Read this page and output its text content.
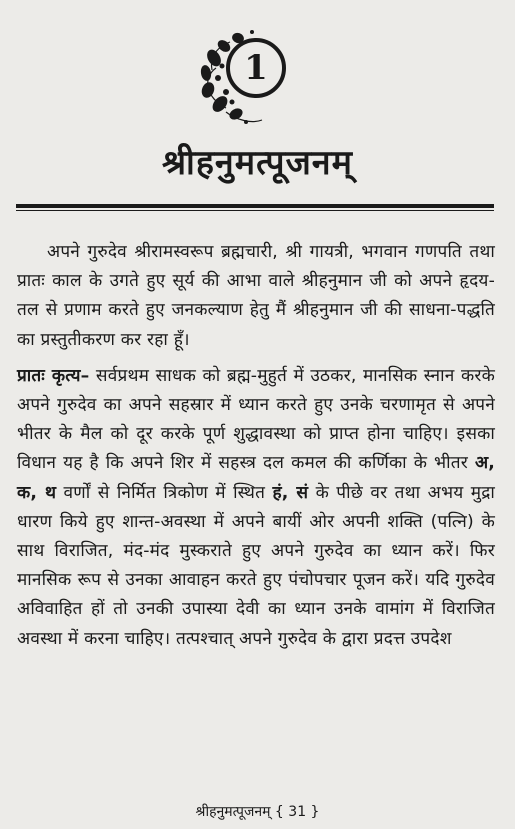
1
श्रीहनुमत्पूजनम्

अपने गुरुदेव श्रीरामस्वरूप ब्रह्मचारी, श्री गायत्री, भगवान गणपति तथा प्रातः काल के उगते हुए सूर्य की आभा वाले श्रीहनुमान जी को अपने हृदय-तल से प्रणाम करते हुए जनकल्याण हेतु मैं श्रीहनुमान जी की साधना-पद्धति का प्रस्तुतीकरण कर रहा हूँ।

प्रातः कृत्य– सर्वप्रथम साधक को ब्रह्म-मुहुर्त में उठकर, मानसिक स्नान करके अपने गुरुदेव का अपने सहस्रार में ध्यान करते हुए उनके चरणामृत से अपने भीतर के मैल को दूर करके पूर्ण शुद्धावस्था को प्राप्त होना चाहिए। इसका विधान यह है कि अपने शिर में सहस्त्र दल कमल की कर्णिका के भीतर अ, क, थ वर्णों से निर्मित त्रिकोण में स्थित हं, सं के पीछे वर तथा अभय मुद्रा धारण किये हुए शान्त-अवस्था में अपने बायीं ओर अपनी शक्ति (पत्नि) के साथ विराजित, मंद-मंद मुस्कराते हुए अपने गुरुदेव का ध्यान करें। फिर मानसिक रूप से उनका आवाहन करते हुए पंचोपचार पूजन करें। यदि गुरुदेव अविवाहित हों तो उनकी उपास्या देवी का ध्यान उनके वामांग में विराजित अवस्था में करना चाहिए। तत्पश्चात् अपने गुरुदेव के द्वारा प्रदत्त उपदेश

श्रीहनुमत्पूजनम् { 31 }
